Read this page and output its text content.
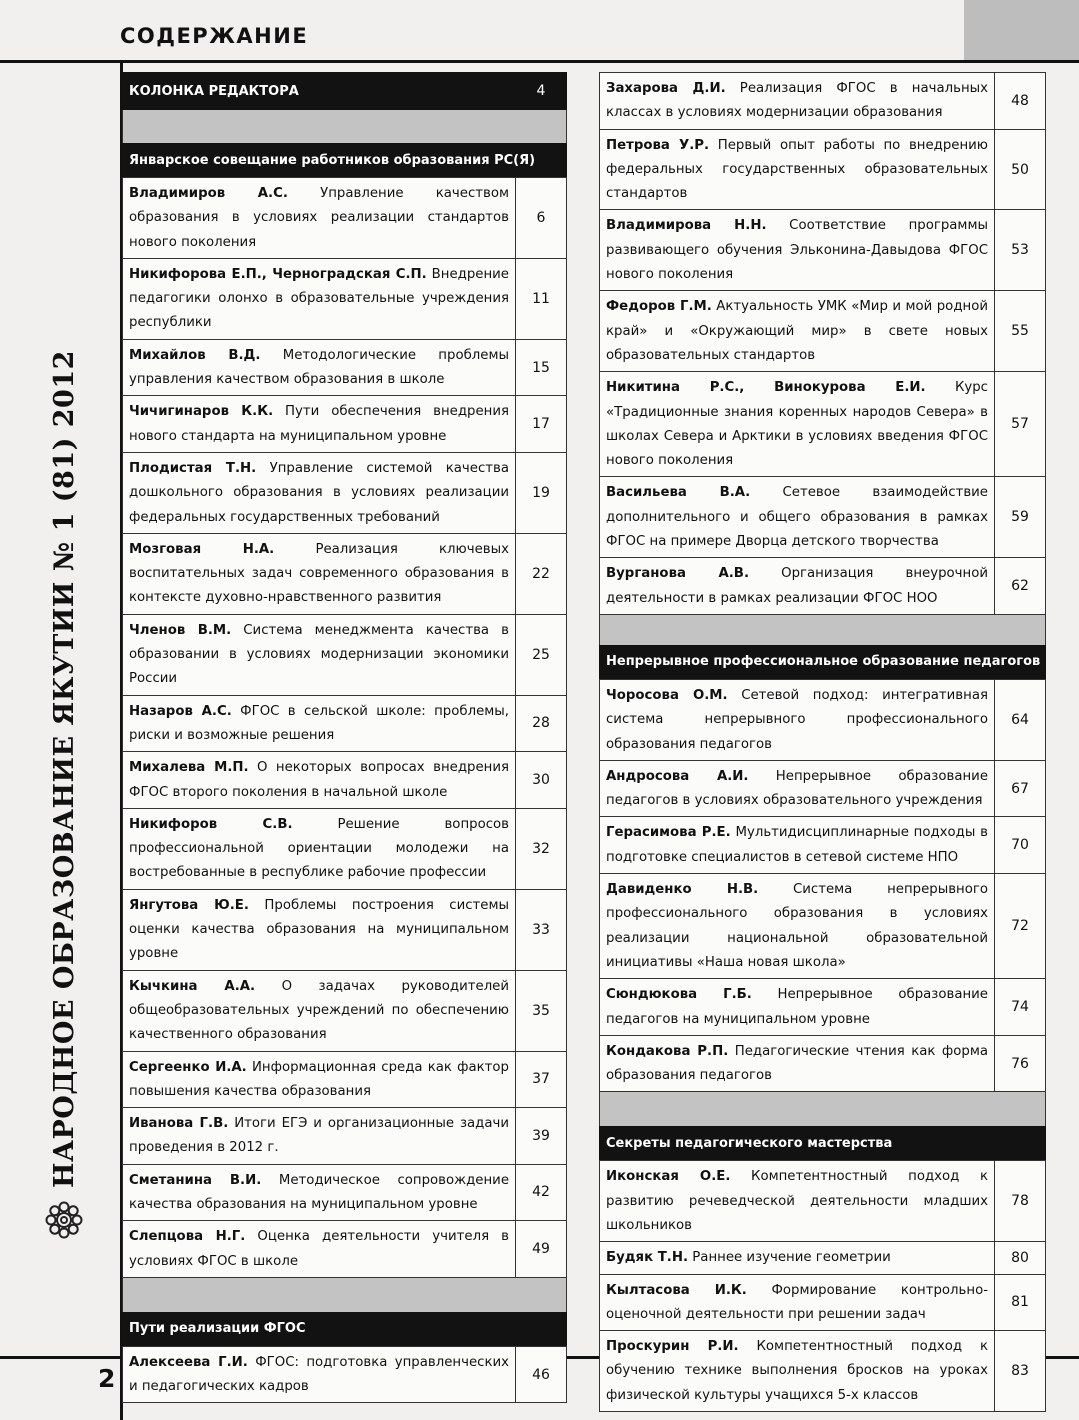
СОДЕРЖАНИЕ
2
НАРОДНОЕ ОБРАЗОВАНИЕ ЯКУТИИ № 1 (81) 2012
КОЛОНКА РЕДАКТОРА	4
Январское совещание работников образования РС(Я)
Владимиров А.С. Управление качеством образования в условиях реализации стандартов нового поколения
6
Никифорова Е.П., Черноградская С.П. Внедрение педагогики олонхо в образовательные учреждения республики
11
Михайлов В.Д. Методологические проблемы управления качеством образования в школе
15
Чичигинаров К.К. Пути обеспечения внедрения нового стандарта на муниципальном уровне
17
Плодистая Т.Н. Управление системой качества дошкольного образования в условиях реализации федеральных государственных требований
19
Мозговая Н.А.	Реализация ключевых воспитательных задач современного образования в контексте духовно-нравственного развития
22
Членов В.М. Система менеджмента качества в образовании в условиях модернизации экономики России
25
Назаров А.С. ФГОС в сельской школе: проблемы, риски и возможные решения
28
Михалева М.П. О некоторых вопросах внедрения ФГОС второго поколения в начальной школе
30
Никифоров С.В.	Решение вопросов профессиональной ориентации молодежи на востребованные в республике рабочие профессии
32
Янгутова Ю.Е. Проблемы построения системы оценки качества образования на муниципальном уровне
33
Кычкина А.А. О задачах руководителей общеобразовательных учреждений по обеспечению качественного образования
35
Сергеенко И.А. Информационная среда как фактор повышения качества образования
37
Иванова Г.В. Итоги ЕГЭ и организационные задачи проведения в 2012 г.
39
Сметанина В.И. Методическое сопровождение качества образования на муниципальном уровне
42
Слепцова Н.Г. Оценка деятельности учителя в условиях ФГОС в школе
49
Пути реализации ФГОС
Алексеева Г.И. ФГОС: подготовка управленческих и педагогических кадров
46
Захарова Д.И. Реализация ФГОС в начальных классах в условиях модернизации образования
48
Петрова У.Р. Первый опыт работы по внедрению федеральных государственных образовательных стандартов
50
Владимирова Н.Н. Соответствие программы развивающего обучения Эльконина-Давыдова ФГОС нового поколения
53
Федоров Г.М. Актуальность УМК «Мир и мой родной край» и «Окружающий мир» в свете новых образовательных стандартов
55
Никитина Р.С., Винокурова Е.И. Курс «Традиционные знания коренных народов Севера» в школах Севера и Арктики в условиях введения ФГОС нового поколения
57
Васильева В.А. Сетевое взаимодействие дополнительного и общего образования в рамках ФГОС на примере Дворца детского творчества
59
Вурганова А.В. Организация внеурочной деятельности в рамках реализации ФГОС НОО
62
Непрерывное профессиональное образование педагогов
Чоросова О.М. Сетевой подход: интегративная система непрерывного профессионального образования педагогов
64
Андросова А.И. Непрерывное образование педагогов в условиях образовательного учреждения
67
Герасимова Р.Е. Мультидисциплинарные подходы в подготовке специалистов в сетевой системе НПО
70
Давиденко Н.В.	Система непрерывного профессионального образования в условиях реализации национальной образовательной инициативы «Наша новая школа»
72
Сюндюкова Г.Б. Непрерывное образование педагогов на муниципальном уровне
74
Кондакова Р.П. Педагогические чтения как форма образования педагогов
76
Секреты педагогического мастерства
Иконская О.Е. Компетентностный подход к развитию речеведческой деятельности младших школьников
78
Будяк Т.Н. Раннее изучение геометрии	80
Кылтасова И.К. Формирование контрольно-оценочной деятельности при решении задач
81
Проскурин Р.И. Компетентностный подход к обучению технике выполнения бросков на уроках физической культуры учащихся 5-х классов
83
